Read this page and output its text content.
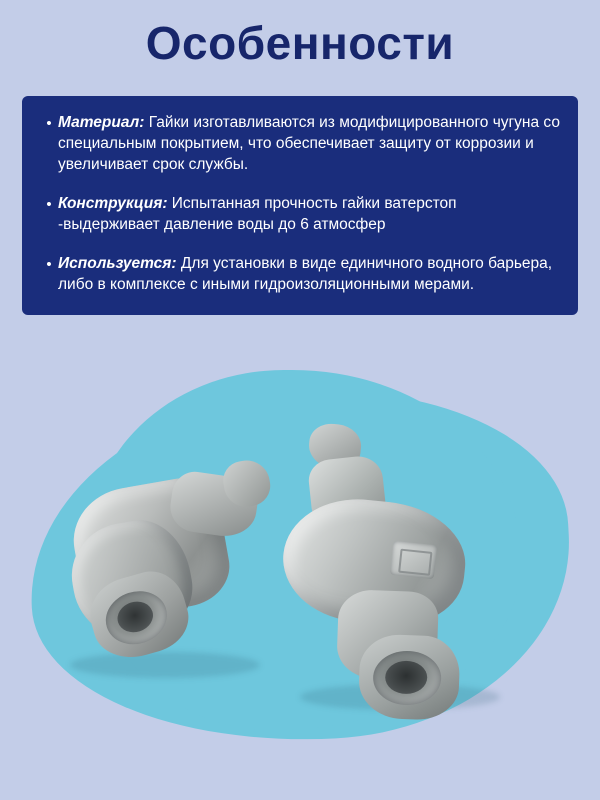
Особенности
• Материал: Гайки изготавливаются из модифицированного чугуна со специальным покрытием, что обеспечивает защиту от коррозии и увеличивает срок службы.
• Конструкция: Испытанная прочность гайки ватерстоп -выдерживает давление воды до 6 атмосфер
• Используется: Для установки в виде единичного водного барьера, либо в комплексе с иными гидроизоляционными мерами.
